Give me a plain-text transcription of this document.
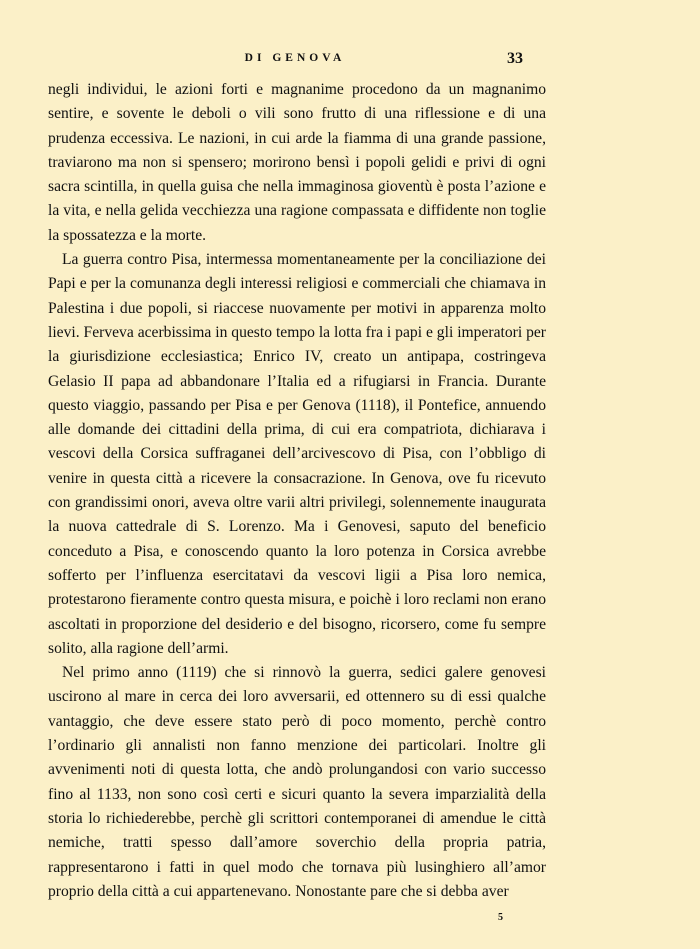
DI GENOVA	33

negli individui, le azioni forti e magnanime procedono da un magnanimo sentire, e sovente le deboli o vili sono frutto di una riflessione e di una prudenza eccessiva. Le nazioni, in cui arde la fiamma di una grande passione, traviarono ma non si spensero; morirono bensì i popoli gelidi e privi di ogni sacra scintilla, in quella guisa che nella immaginosa gioventù è posta l’azione e la vita, e nella gelida vecchiezza una ragione compassata e diffidente non toglie la spossatezza e la morte.

La guerra contro Pisa, intermessa momentaneamente per la conciliazione dei Papi e per la comunanza degli interessi religiosi e commerciali che chiamava in Palestina i due popoli, si riaccese nuovamente per motivi in apparenza molto lievi. Ferveva acerbissima in questo tempo la lotta fra i papi e gli imperatori per la giurisdizione ecclesiastica; Enrico IV, creato un antipapa, costringeva Gelasio II papa ad abbandonare l’Italia ed a rifugiarsi in Francia. Durante questo viaggio, passando per Pisa e per Genova (1118), il Pontefice, annuendo alle domande dei cittadini della prima, di cui era compatriota, dichiarava i vescovi della Corsica suffraganei dell’arcivescovo di Pisa, con l’obbligo di venire in questa città a ricevere la consacrazione. In Genova, ove fu ricevuto con grandissimi onori, aveva oltre varii altri privilegi, solennemente inaugurata la nuova cattedrale di S. Lorenzo. Ma i Genovesi, saputo del beneficio conceduto a Pisa, e conoscendo quanto la loro potenza in Corsica avrebbe sofferto per l’influenza esercitatavi da vescovi ligii a Pisa loro nemica, protestarono fieramente contro questa misura, e poichè i loro reclami non erano ascoltati in proporzione del desiderio e del bisogno, ricorsero, come fu sempre solito, alla ragione dell’armi.

Nel primo anno (1119) che si rinnovò la guerra, sedici galere genovesi uscirono al mare in cerca dei loro avversarii, ed ottennero su di essi qualche vantaggio, che deve essere stato però di poco momento, perchè contro l’ordinario gli annalisti non fanno menzione dei particolari. Inoltre gli avvenimenti noti di questa lotta, che andò prolungandosi con vario successo fino al 1133, non sono così certi e sicuri quanto la severa imparzialità della storia lo richiederebbe, perchè gli scrittori contemporanei di amendue le città nemiche, tratti spesso dall’amore soverchio della propria patria, rappresentarono i fatti in quel modo che tornava più lusinghiero all’amor proprio della città a cui appartenevano. Nonostante pare che si debba aver

5
